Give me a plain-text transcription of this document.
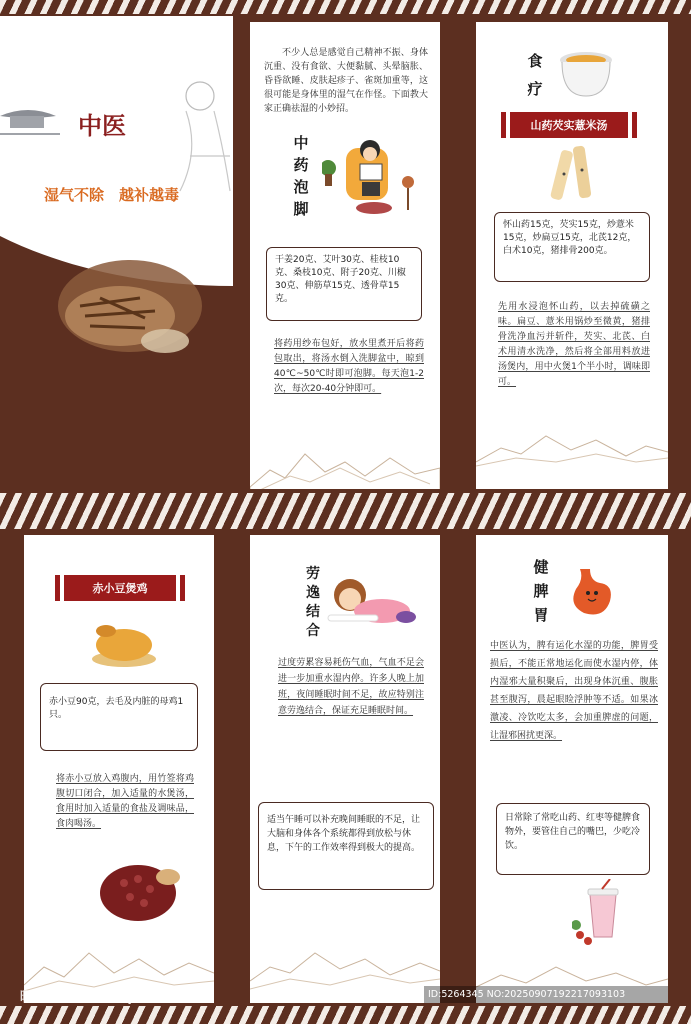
中医
湿气不除　越补越毒
不少人总是感觉自己精神不振、身体沉重、没有食欲、大便黏腻、头晕脑胀、昏昏欲睡、皮肤起疹子、雀斑加重等，这很可能是身体里的湿气在作怪。下面教大家正确祛湿的小妙招。
中
药
泡
脚
干姜20克、艾叶30克、桂枝10克、桑枝10克、附子20克、川椒30克、伸筋草15克、透骨草15克。
将药用纱布包好，放水里煮开后将药包取出，将汤水倒入洗脚盆中，晾到40℃~50℃时即可泡脚。每天泡1-2次，每次20-40分钟即可。
食
疗
山药芡实薏米汤
怀山药15克，芡实15克，炒薏米15克，炒扁豆15克，北芪12克，白术10克，猪排骨200克。
先用水浸泡怀山药，以去掉硫磺之味。扁豆、薏米用锅炒至微黄，猪排骨洗净血污并斩件，芡实、北芪、白术用清水洗净，然后将全部用料放进汤煲内，用中火煲1个半小时，调味即可。
赤小豆煲鸡
赤小豆90克，去毛及内脏的母鸡1只。
将赤小豆放入鸡腹内，用竹签将鸡腹切口闭合，加入适量的水煲汤，食用时加入适量的食盐及调味品，食肉喝汤。
劳
逸
结
合
过度劳累容易耗伤气血，气血不足会进一步加重水湿内停。许多人晚上加班，夜间睡眠时间不足，故应特别注意劳逸结合，保证充足睡眠时间。
适当午睡可以补充晚间睡眠的不足，让大脑和身体各个系统都得到放松与休息，下午的工作效率得到极大的提高。
健
脾
胃
中医认为，脾有运化水湿的功能，脾胃受损后，不能正常地运化而使水湿内停，体内湿邪大量积聚后，出现身体沉重、腹胀甚至腹泻，晨起眼睑浮肿等不适。如果冰激凌、冷饮吃太多，会加重脾虚的问题，让湿邪困扰更深。
日常除了常吃山药、红枣等健脾食物外，要管住自己的嘴巴，少吃冷饮。
昵图网 www.nipic.com	ID:5264345 NO:20250907192217093103
